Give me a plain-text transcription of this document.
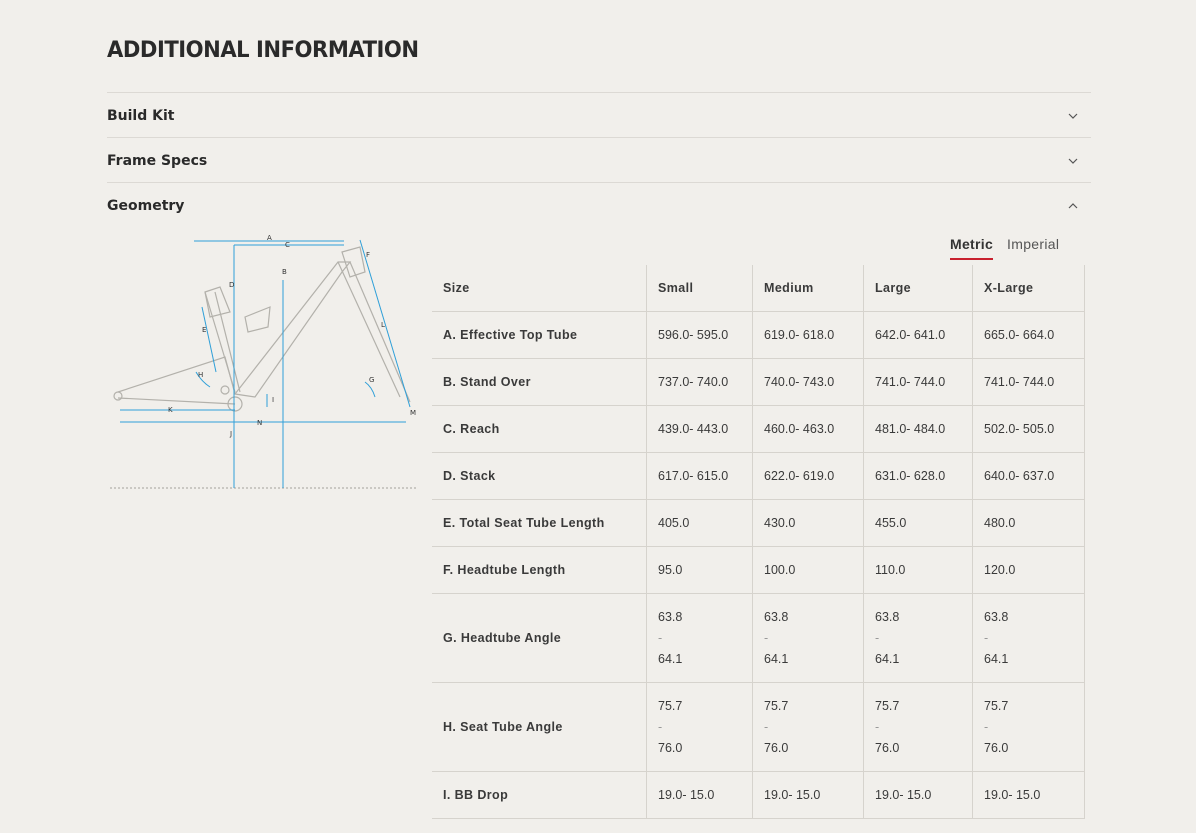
ADDITIONAL INFORMATION
Build Kit
Frame Specs
Geometry
Metric Imperial
A
B
C
D
E
F
G
H
I
J
K
L
M
N
Size	Small	Medium	Large	X-Large
A. Effective Top Tube	596.0- 595.0	619.0- 618.0	642.0- 641.0	665.0- 664.0
B. Stand Over	737.0- 740.0	740.0- 743.0	741.0- 744.0	741.0- 744.0
C. Reach	439.0- 443.0	460.0- 463.0	481.0- 484.0	502.0- 505.0
D. Stack	617.0- 615.0	622.0- 619.0	631.0- 628.0	640.0- 637.0
E. Total Seat Tube Length	405.0	430.0	455.0	480.0
F. Headtube Length	95.0	100.0	110.0	120.0
G. Headtube Angle	63.8
-
64.1	63.8
-
64.1	63.8
-
64.1	63.8
-
64.1

H. Seat Tube Angle	75.7
-
76.0	75.7
-
76.0	75.7
-
76.0	75.7
-
76.0

I. BB Drop	19.0- 15.0	19.0- 15.0	19.0- 15.0	19.0- 15.0
